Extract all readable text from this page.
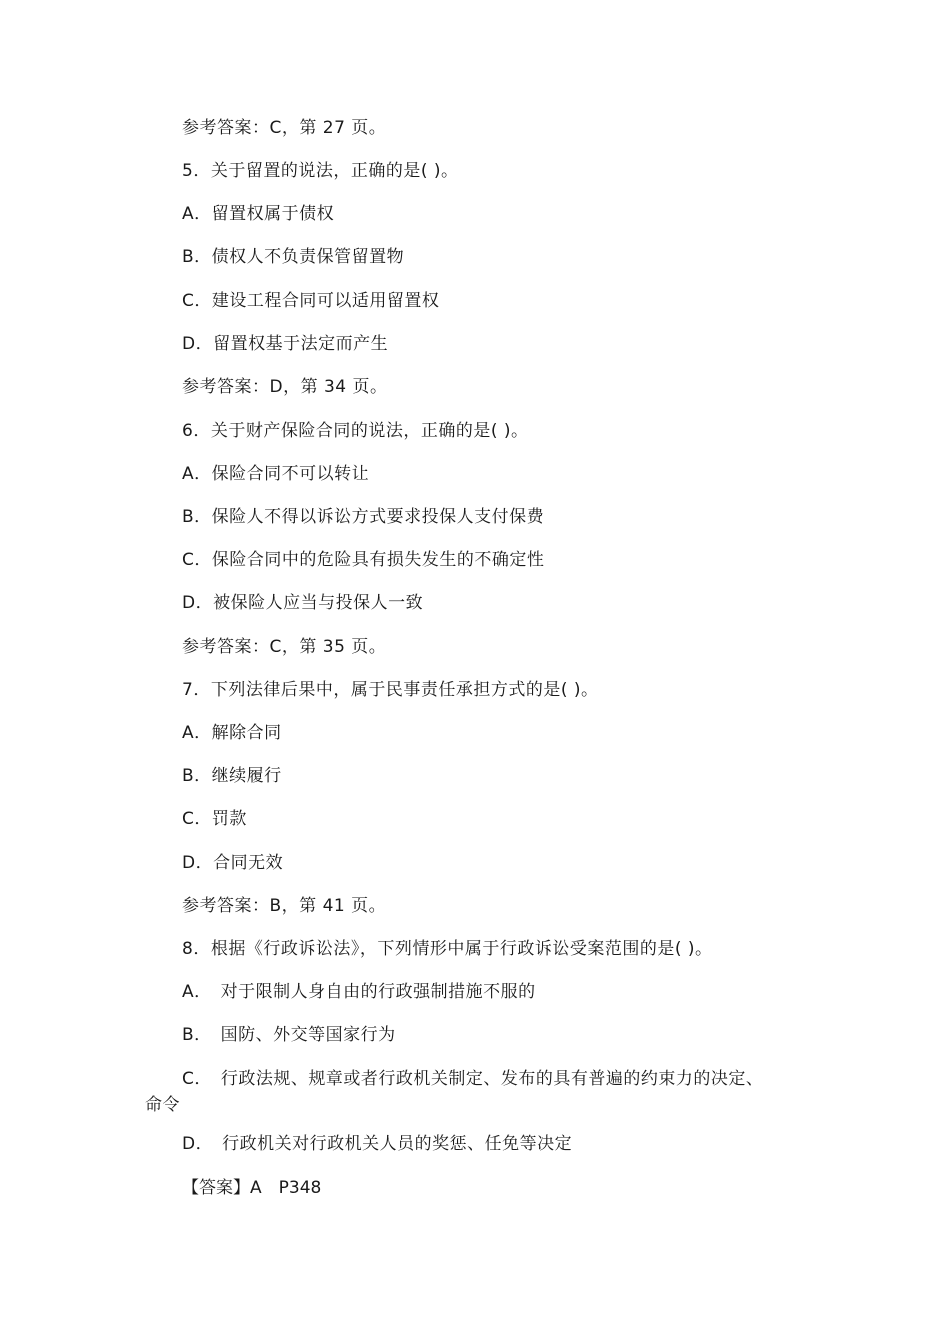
参考答案：C，第 27 页。
5．关于留置的说法，正确的是( )。
A．留置权属于债权
B．债权人不负责保管留置物
C．建设工程合同可以适用留置权
D．留置权基于法定而产生
参考答案：D，第 34 页。
6．关于财产保险合同的说法，正确的是( )。
A．保险合同不可以转让
B．保险人不得以诉讼方式要求投保人支付保费
C．保险合同中的危险具有损失发生的不确定性
D．被保险人应当与投保人一致
参考答案：C，第 35 页。
7．下列法律后果中，属于民事责任承担方式的是( )。
A．解除合同
B．继续履行
C．罚款
D．合同无效
参考答案：B，第 41 页。
8．根据《行政诉讼法》，下列情形中属于行政诉讼受案范围的是( )。
A．　对于限制人身自由的行政强制措施不服的
B．　国防、外交等国家行为
C．　行政法规、规章或者行政机关制定、发布的具有普遍的约束力的决定、
命令
D．　行政机关对行政机关人员的奖惩、任免等决定
【答案】A　P348
